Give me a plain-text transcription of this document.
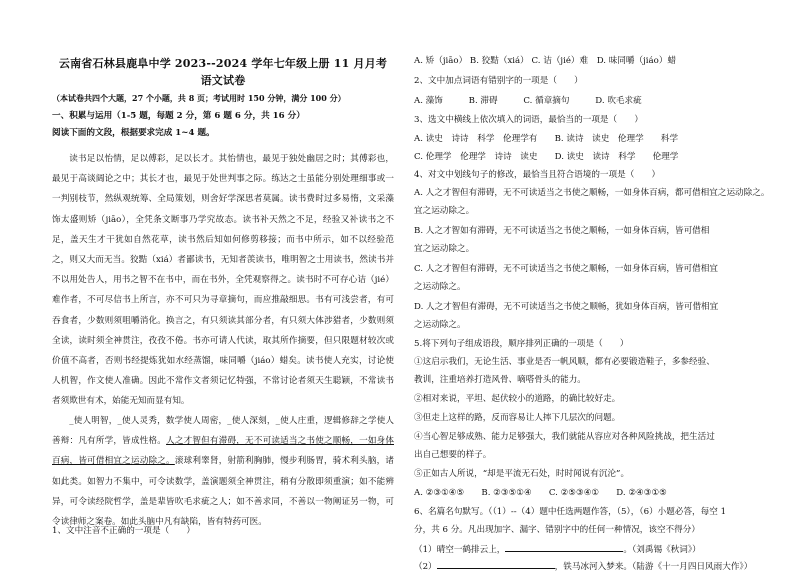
云南省石林县鹿阜中学 2023--2024 学年七年级上册 11 月月考
语文试卷
（本试卷共四个大题，27 个小题，共 8 页；考试用时 150 分钟，满分 100 分）
一、积累与运用（1-5 题，每题 2 分，第 6 题 6 分，共 16 分）
阅读下面的文段，根据要求完成 1~4 题。
读书足以怡情，足以傅彩，足以长才。其怡情也，最见于独处幽居之时；其傅彩也，最见于高谈阔论之中；其长才也，最见于处世判事之际。练达之士虽能分别处理细事或一一判别枝节，然纵观统筹、全局策划，则舍好学深思者莫属。读书费时过多易惰，文采藻饰太盛则矫（jiāo），全凭条文断事乃学究故态。读书补天然之不足，经验又补读书之不足，盖天生才干犹如自然花草，读书然后知如何修剪移接；而书中所示，如不以经验范之，则又大而无当。狡黠（xiá）者鄙读书，无知者羡读书，唯明智之士用读书，然读书并不以用处告人，用书之智不在书中，而在书外，全凭观察得之。读书时不可存心诘（jié）难作者，不可尽信书上所言，亦不可只为寻章摘句，而应推敲细思。书有可浅尝者，有可吞食者，少数则须咀嚼消化。换言之，有只须读其部分者，有只须大体涉猎者，少数则须全读，读时须全神贯注，孜孜不倦。书亦可请人代读，取其所作摘要，但只限题材较次或价值不高者，否则书经提炼犹如水经蒸馏，味同嚼（jiáo）蜡矣。读书使人充实，讨论使人机智，作文使人准确。因此不常作文者须记忆特强，不常讨论者须天生聪颖，不常读书者须欺世有术，始能无知而显有知。
_使人明智，_使人灵秀，数学使人周密，_使人深刻，_使人庄重，逻辑修辞之学使人善辩：凡有所学，皆成性格。人之才智但有滞碍，无不可读适当之书使之顺畅，一如身体百病，皆可借相宜之运动除之。滚球利睾肾，射箭利胸肺，慢步利肠胃，骑术利头脑，诸如此类。如智力不集中，可令读数学，盖演题须全神贯注，稍有分散即须重演；如不能辨异，可令读经院哲学，盖是辈皆吹毛求疵之人；如不善求同，不善以一物阐证另一物，可令读律师之案卷。如此头脑中凡有缺陷，皆有特药可医。
1、文中注音不正确的一项是（　　）
A. 矫（jiāo） B. 狡黠（xiá） C. 诘（jié）难　D. 味同嚼（jiáo）蜡
2、文中加点词语有错别字的一项是（　　）
A. 藻饰　　　B. 滞碍　　　C. 循章摘句　　　D. 吹毛求疵
3、选文中横线上依次填入的词语，最恰当的一项是（　　）
A. 读史　诗诗　科学　伦理学有　　B. 读诗　读史　伦理学　　科学
C. 伦理学　伦理学　诗诗　读史　　D. 读史　读诗　科学　　伦理学
4、对文中划线句子的修改，最恰当且符合语境的一项是（　　）
A. 人之才智但有滞碍，无不可读适当之书使之顺畅，一如身体百病，都可借相宜之运动除之。
宜之运动除之。
B. 人之才智如有滞碍，无不可读适当之书使之顺畅，一如身体百病，皆可借相
宜之运动除之。
C. 人之才智但有滞碍，无不可读适当之书使之顺畅，一如身体百病，皆可借相宜
之运动除之。
D. 人之才智但有滞碍，无不可读适当之书使之顺畅，犹如身体百病，皆可借相宜
之运动除之。
5.将下列句子组成语段，顺序排列正确的一项是（　　）
①这启示我们，无论生活、事业是否一帆风顺，都有必要锻造鞋子，多参经验、
教训，注重培养打造风骨、嘀嗒骨头的能力。
②相对来说，平坦、起伏较小的道路，的确比较好走。
③但走上这样的路，反而容易让人摔下几层次的问题。
④当心智足够成熟、能力足够强大，我们就能从容应对各种风险挑战，把生活过
出自己想要的样子。
⑤正如古人所说，“却是平流无石处，时时闻说有沉沦”。
A. ②③①④⑤　　B. ②③⑤①④　　C. ②⑤③④①　　D. ②④③①⑤
6、名篇名句默写。（（1）--（4）题中任选两题作答，（5），（6）小题必答，每空 1
分，共 6 分。凡出现加字、漏字、错别字中的任何一种情况，该空不得分）
（1）晴空一鹤排云上，	。（刘禹锡《秋词》）
（2）	，铁马冰河入梦来。（陆游《十一月四日风雨大作》）
